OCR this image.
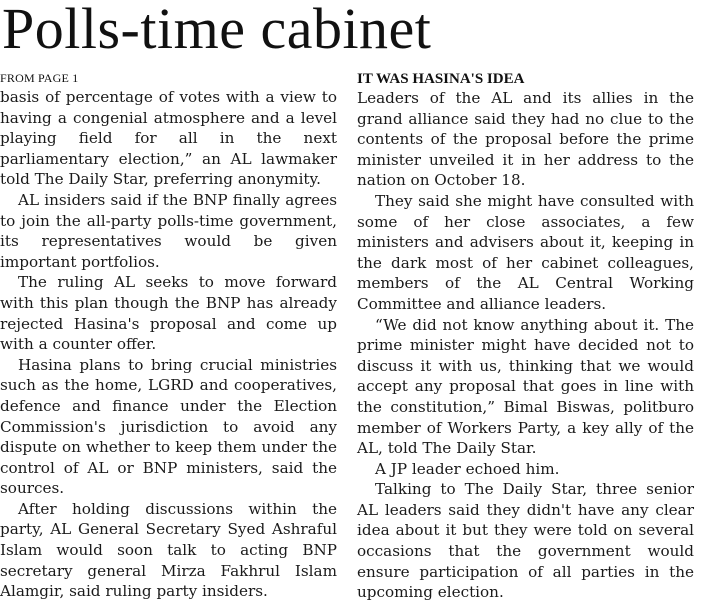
Polls-time cabinet
FROM PAGE 1

basis of percentage of votes with a view to having a congenial atmosphere and a level playing field for all in the next parliamentary election,” an AL lawmaker told The Daily Star, preferring anonymity.

AL insiders said if the BNP finally agrees to join the all-party polls-time government, its representatives would be given important portfolios.

The ruling AL seeks to move forward with this plan though the BNP has already rejected Hasina's proposal and come up with a counter offer.

Hasina plans to bring crucial ministries such as the home, LGRD and cooperatives, defence and finance under the Election Commission's jurisdiction to avoid any dispute on whether to keep them under the control of AL or BNP ministers, said the sources.

After holding discussions within the party, AL General Secretary Syed Ashraful Islam would soon talk to acting BNP secretary general Mirza Fakhrul Islam Alamgir, said ruling party insiders.

IT WAS HASINA'S IDEA

Leaders of the AL and its allies in the grand alliance said they had no clue to the contents of the proposal before the prime minister unveiled it in her address to the nation on October 18.

They said she might have consulted with some of her close associates, a few ministers and advisers about it, keeping in the dark most of her cabinet colleagues, members of the AL Central Working Committee and alliance leaders.

“We did not know anything about it. The prime minister might have decided not to discuss it with us, thinking that we would accept any proposal that goes in line with the constitution,” Bimal Biswas, politburo member of Workers Party, a key ally of the AL, told The Daily Star.

A JP leader echoed him.

Talking to The Daily Star, three senior AL leaders said they didn't have any clear idea about it but they were told on several occasions that the government would ensure participation of all parties in the upcoming election.
